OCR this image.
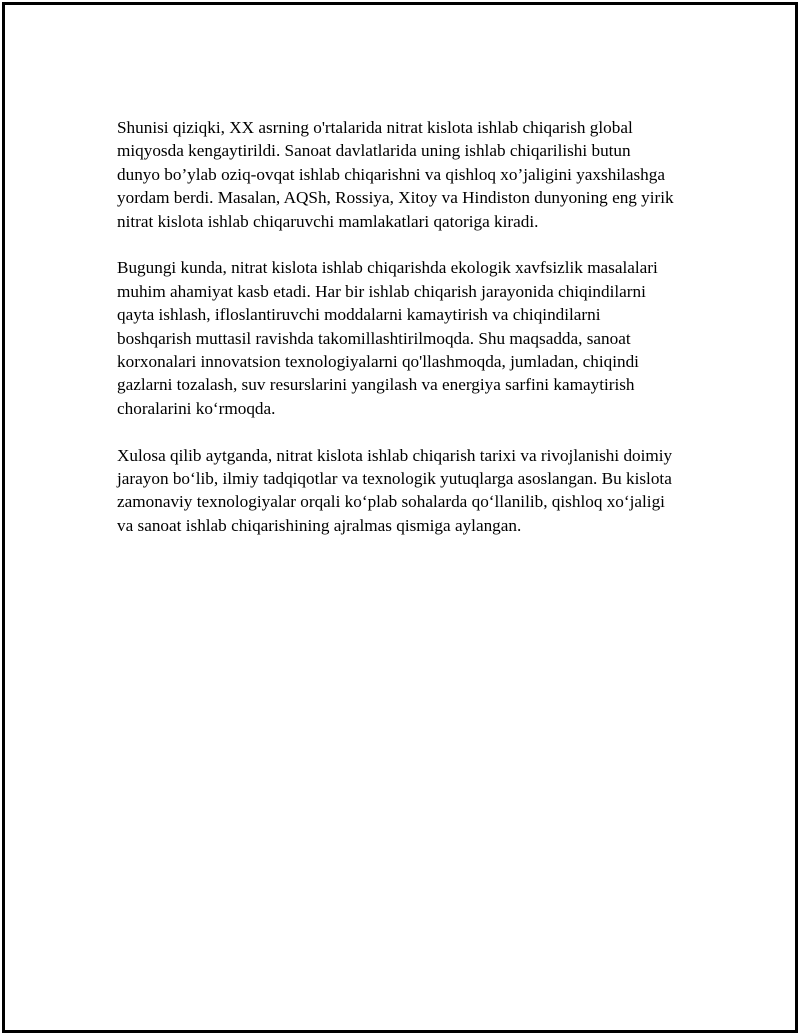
Shunisi qiziqki, XX asrning o'rtalarida nitrat kislota ishlab chiqarish global miqyosda kengaytirildi. Sanoat davlatlarida uning ishlab chiqarilishi butun dunyo bo’ylab oziq-ovqat ishlab chiqarishni va qishloq xo’jaligini yaxshilashga yordam berdi. Masalan, AQSh, Rossiya, Xitoy va Hindiston dunyoning eng yirik nitrat kislota ishlab chiqaruvchi mamlakatlari qatoriga kiradi.

Bugungi kunda, nitrat kislota ishlab chiqarishda ekologik xavfsizlik masalalari muhim ahamiyat kasb etadi. Har bir ishlab chiqarish jarayonida chiqindilarni qayta ishlash, ifloslantiruvchi moddalarni kamaytirish va chiqindilarni boshqarish muttasil ravishda takomillashtirilmoqda. Shu maqsadda, sanoat korxonalari innovatsion texnologiyalarni qo'llashmoqda, jumladan, chiqindi gazlarni tozalash, suv resurslarini yangilash va energiya sarfini kamaytirish choralarini ko‘rmoqda.

Xulosa qilib aytganda, nitrat kislota ishlab chiqarish tarixi va rivojlanishi doimiy jarayon bo‘lib, ilmiy tadqiqotlar va texnologik yutuqlarga asoslangan. Bu kislota zamonaviy texnologiyalar orqali ko‘plab sohalarda qo‘llanilib, qishloq xo‘jaligi va sanoat ishlab chiqarishining ajralmas qismiga aylangan.
